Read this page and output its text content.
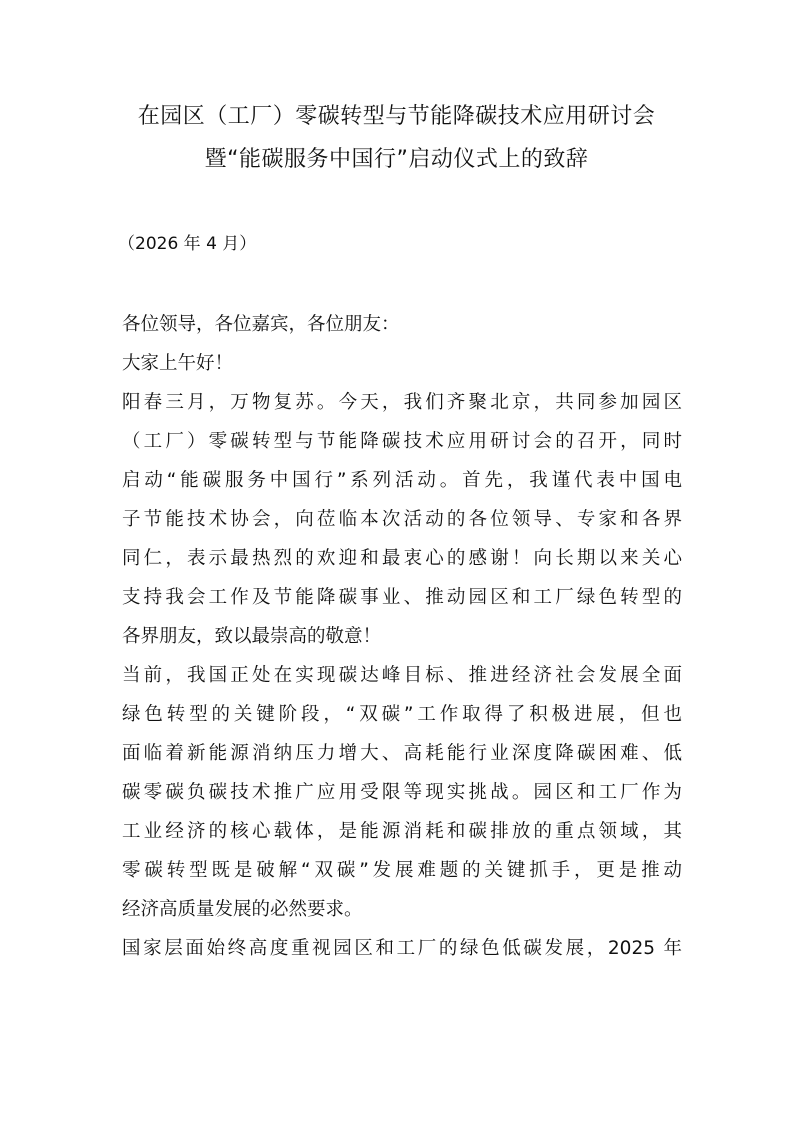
在园区（工厂）零碳转型与节能降碳技术应用研讨会
暨“能碳服务中国行”启动仪式上的致辞

（2026 年 4 月）

各位领导，各位嘉宾，各位朋友：

大家上午好！

阳春三月，万物复苏。今天，我们齐聚北京，共同参加园区

（工厂）零碳转型与节能降碳技术应用研讨会的召开，同时

启动“能碳服务中国行”系列活动。首先，我谨代表中国电

子节能技术协会，向莅临本次活动的各位领导、专家和各界

同仁，表示最热烈的欢迎和最衷心的感谢！向长期以来关心

支持我会工作及节能降碳事业、推动园区和工厂绿色转型的

各界朋友，致以最崇高的敬意！

当前，我国正处在实现碳达峰目标、推进经济社会发展全面

绿色转型的关键阶段，“双碳”工作取得了积极进展，但也

面临着新能源消纳压力增大、高耗能行业深度降碳困难、低

碳零碳负碳技术推广应用受限等现实挑战。园区和工厂作为

工业经济的核心载体，是能源消耗和碳排放的重点领域，其

零碳转型既是破解“双碳”发展难题的关键抓手，更是推动

经济高质量发展的必然要求。

国家层面始终高度重视园区和工厂的绿色低碳发展，2025 年
